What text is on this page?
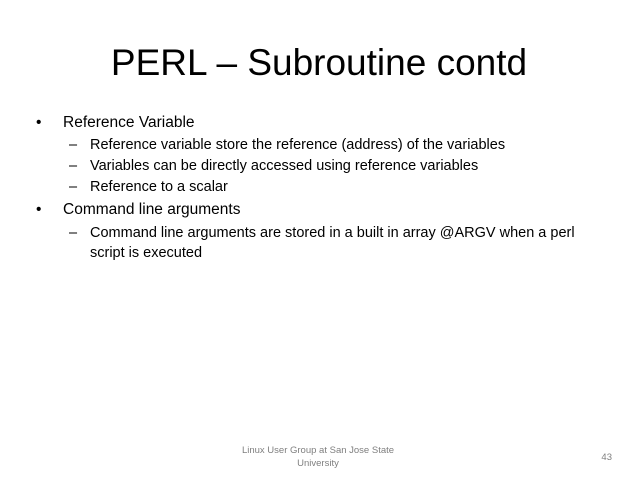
PERL – Subroutine contd
•	Reference Variable
– Reference variable store the reference (address) of the variables
– Variables can be directly accessed using reference variables
– Reference to a scalar
•	Command line arguments
– Command line arguments are stored in a built in array @ARGV when a perl
script is executed
Linux User Group at San Jose State
University
43
